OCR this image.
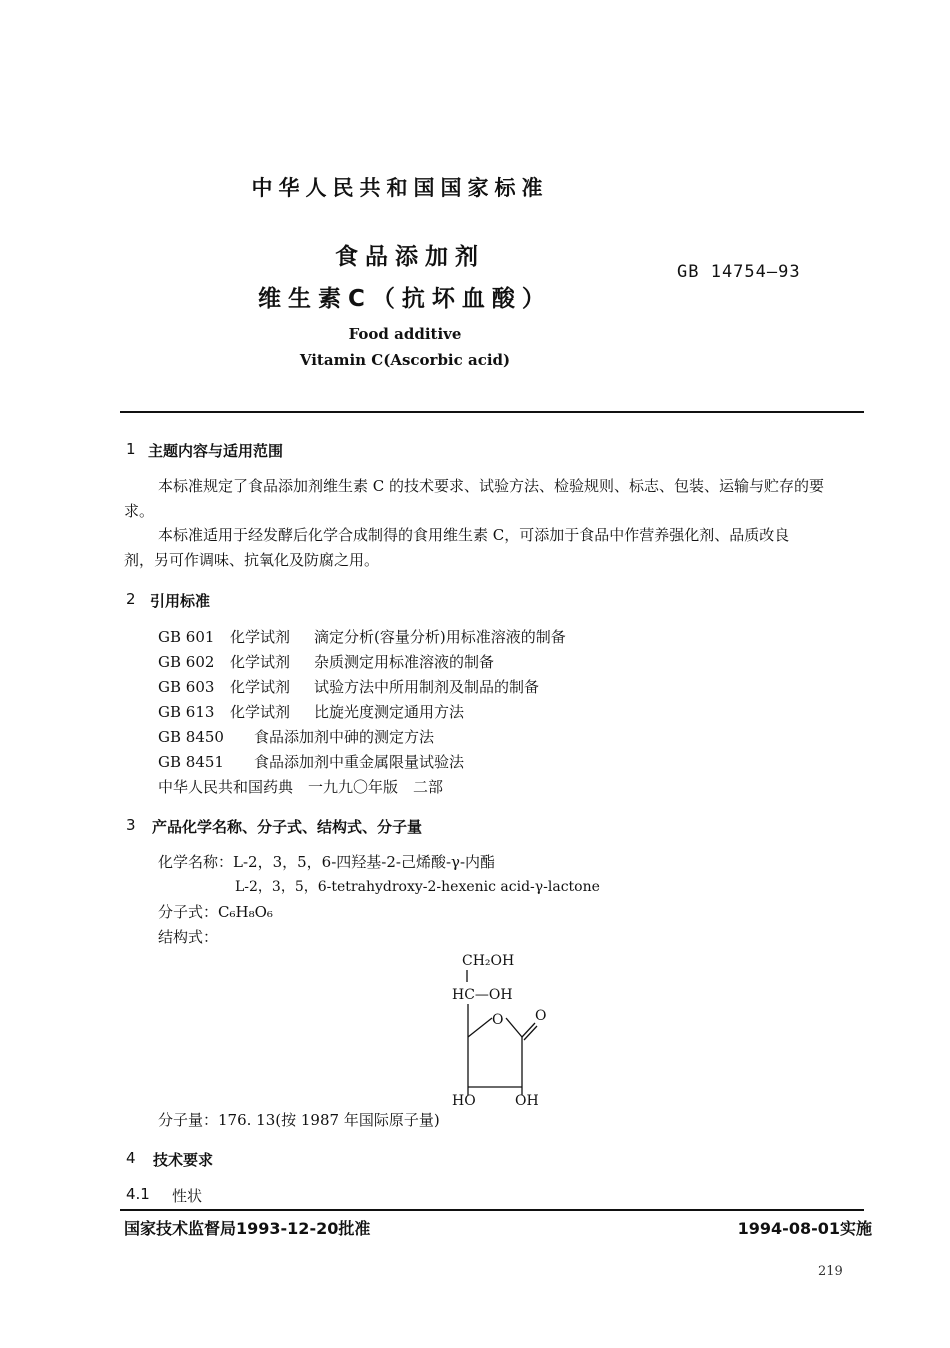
中华人民共和国国家标准
食品添加剂
维生素C（抗坏血酸）
GB 14754—93
Food additive
Vitamin C(Ascorbic acid)
1 主题内容与适用范围
本标准规定了食品添加剂维生素 C 的技术要求、试验方法、检验规则、标志、包装、运输与贮存的要
求。
本标准适用于经发酵后化学合成制得的食用维生素 C，可添加于食品中作营养强化剂、品质改良
剂，另可作调味、抗氧化及防腐之用。
2 引用标准
GB 601 化学试剂 滴定分析(容量分析)用标准溶液的制备
GB 602 化学试剂 杂质测定用标准溶液的制备
GB 603 化学试剂 试验方法中所用制剂及制品的制备
GB 613 化学试剂 比旋光度测定通用方法
GB 8450 食品添加剂中砷的测定方法
GB 8451 食品添加剂中重金属限量试验法
中华人民共和国药典　一九九〇年版　二部
3 产品化学名称、分子式、结构式、分子量
化学名称：L-2，3，5，6-四羟基-2-己烯酸-γ-内酯
L-2，3，5，6-tetrahydroxy-2-hexenic acid-γ-lactone
分子式：C₆H₈O₆
结构式：
CH₂OH
HC—OH
O O
HO	OH
分子量：176. 13(按 1987 年国际原子量)
4 技术要求
4.1 性状
国家技术监督局1993-12-20批准	1994-08-01实施
219
